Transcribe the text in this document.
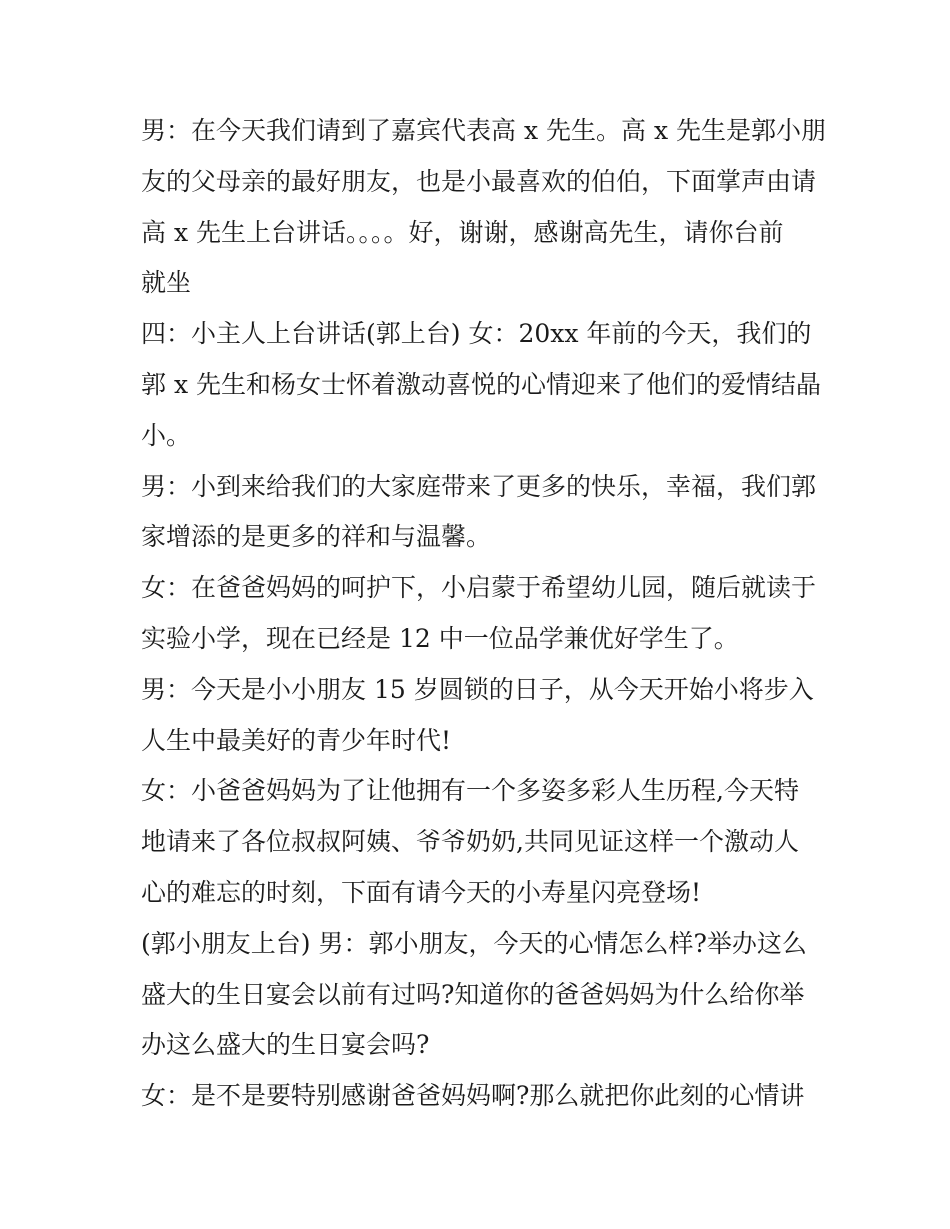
男：在今天我们请到了嘉宾代表高 x 先生。高 x 先生是郭小朋
友的父母亲的最好朋友，也是小最喜欢的伯伯，下面掌声由请
高 x 先生上台讲话。。。。好，谢谢，感谢高先生，请你台前
就坐
四：小主人上台讲话(郭上台) 女：20xx 年前的今天，我们的
郭 x 先生和杨女士怀着激动喜悦的心情迎来了他们的爱情结晶
小。
男：小到来给我们的大家庭带来了更多的快乐，幸福，我们郭
家增添的是更多的祥和与温馨。
女：在爸爸妈妈的呵护下，小启蒙于希望幼儿园，随后就读于
实验小学，现在已经是 12 中一位品学兼优好学生了。
男：今天是小小朋友 15 岁圆锁的日子，从今天开始小将步入
人生中最美好的青少年时代!
女：小爸爸妈妈为了让他拥有一个多姿多彩人生历程,今天特
地请来了各位叔叔阿姨、爷爷奶奶,共同见证这样一个激动人
心的难忘的时刻，下面有请今天的小寿星闪亮登场!
(郭小朋友上台) 男：郭小朋友，今天的心情怎么样?举办这么
盛大的生日宴会以前有过吗?知道你的爸爸妈妈为什么给你举
办这么盛大的生日宴会吗?
女：是不是要特别感谢爸爸妈妈啊?那么就把你此刻的心情讲
